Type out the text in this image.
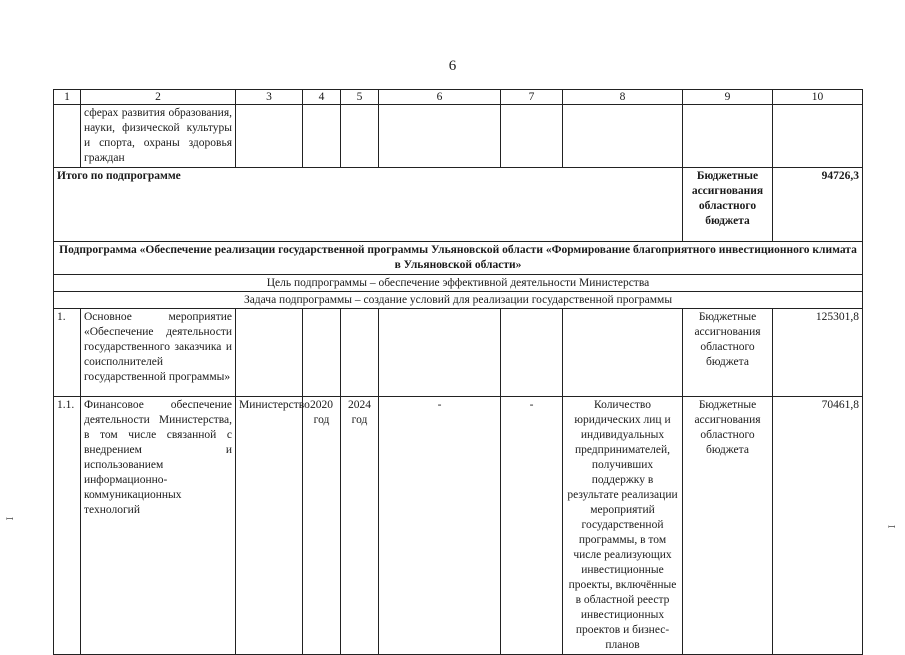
6
ꟷ
ꟷ
1	2	3	4	5	6	7	8	9	10
	сферах развития образования, науки, физической культуры и спорта, охраны здоровья граждан								
Итого по подпрограмме								Бюджетные ассигнования областного бюджета	94726,3
Подпрограмма «Обеспечение реализации государственной программы Ульяновской области «Формирование благоприятного инвестиционного климата в Ульяновской области»									
Цель подпрограммы – обеспечение эффективной деятельности Министерства									
Задача подпрограммы – создание условий для реализации государственной программы									
1.	Основное мероприятие «Обеспечение деятельности государственного заказчика и соисполнителей государственной программы»							Бюджетные ассигнования областного бюджета	125301,8
1.1.	Финансовое обеспечение деятельности Министерства, в том числе связанной с внедрением и использованием информационно-коммуникационных технологий	Министерство	2020 год	2024 год	-	-	Количество юридических лиц и индивидуальных предпринимателей, получивших поддержку в результате реализации мероприятий государственной программы, в том числе реализующих инвестиционные проекты, включённые в областной реестр инвестиционных проектов и бизнес-планов	Бюджетные ассигнования областного бюджета	70461,8
